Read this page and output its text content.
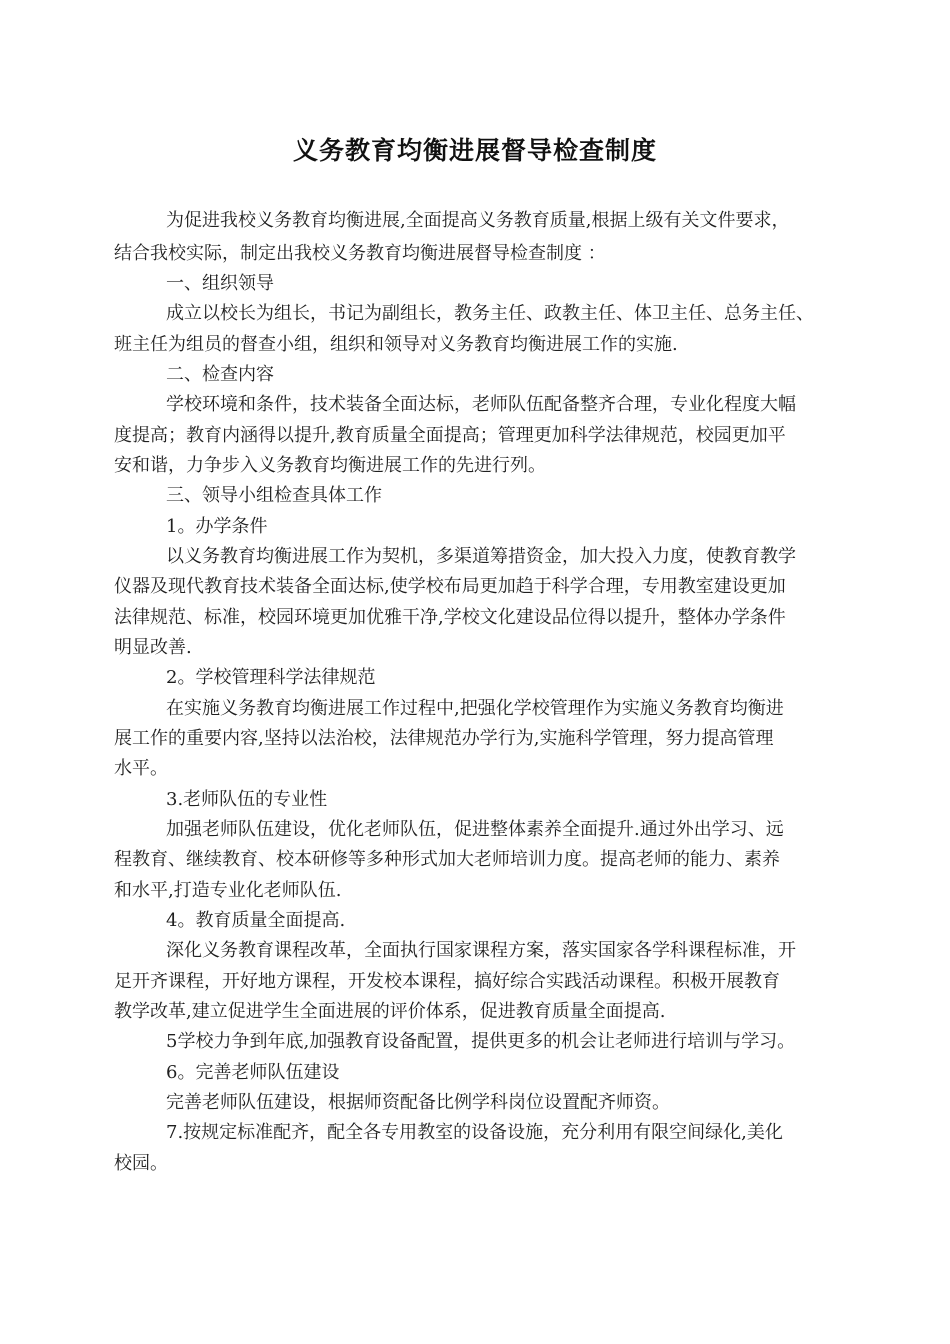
义务教育均衡进展督导检查制度
为促进我校义务教育均衡进展,全面提高义务教育质量,根据上级有关文件要求，
结合我校实际，制定出我校义务教育均衡进展督导检查制度 ：
一、组织领导
成立以校长为组长，书记为副组长，教务主任、政教主任、体卫主任、总务主任、
班主任为组员的督查小组，组织和领导对义务教育均衡进展工作的实施.
二、检查内容
学校环境和条件，技术装备全面达标，老师队伍配备整齐合理，专业化程度大幅
度提高；教育内涵得以提升,教育质量全面提高；管理更加科学法律规范，校园更加平
安和谐，力争步入义务教育均衡进展工作的先进行列。
三、领导小组检查具体工作
1。办学条件
以义务教育均衡进展工作为契机，多渠道筹措资金，加大投入力度，使教育教学
仪器及现代教育技术装备全面达标,使学校布局更加趋于科学合理，专用教室建设更加
法律规范、标准，校园环境更加优雅干净,学校文化建设品位得以提升，整体办学条件
明显改善.
2。学校管理科学法律规范
在实施义务教育均衡进展工作过程中,把强化学校管理作为实施义务教育均衡进
展工作的重要内容,坚持以法治校，法律规范办学行为,实施科学管理，努力提高管理
水平。
3.老师队伍的专业性
加强老师队伍建设，优化老师队伍，促进整体素养全面提升.通过外出学习、远
程教育、继续教育、校本研修等多种形式加大老师培训力度。提高老师的能力、素养
和水平,打造专业化老师队伍.
4。教育质量全面提高.
深化义务教育课程改革，全面执行国家课程方案，落实国家各学科课程标准，开
足开齐课程，开好地方课程，开发校本课程，搞好综合实践活动课程。积极开展教育
教学改革,建立促进学生全面进展的评价体系，促进教育质量全面提高.
5学校力争到年底,加强教育设备配置，提供更多的机会让老师进行培训与学习。
6。完善老师队伍建设
完善老师队伍建设，根据师资配备比例学科岗位设置配齐师资。
7.按规定标准配齐，配全各专用教室的设备设施，充分利用有限空间绿化,美化
校园。
